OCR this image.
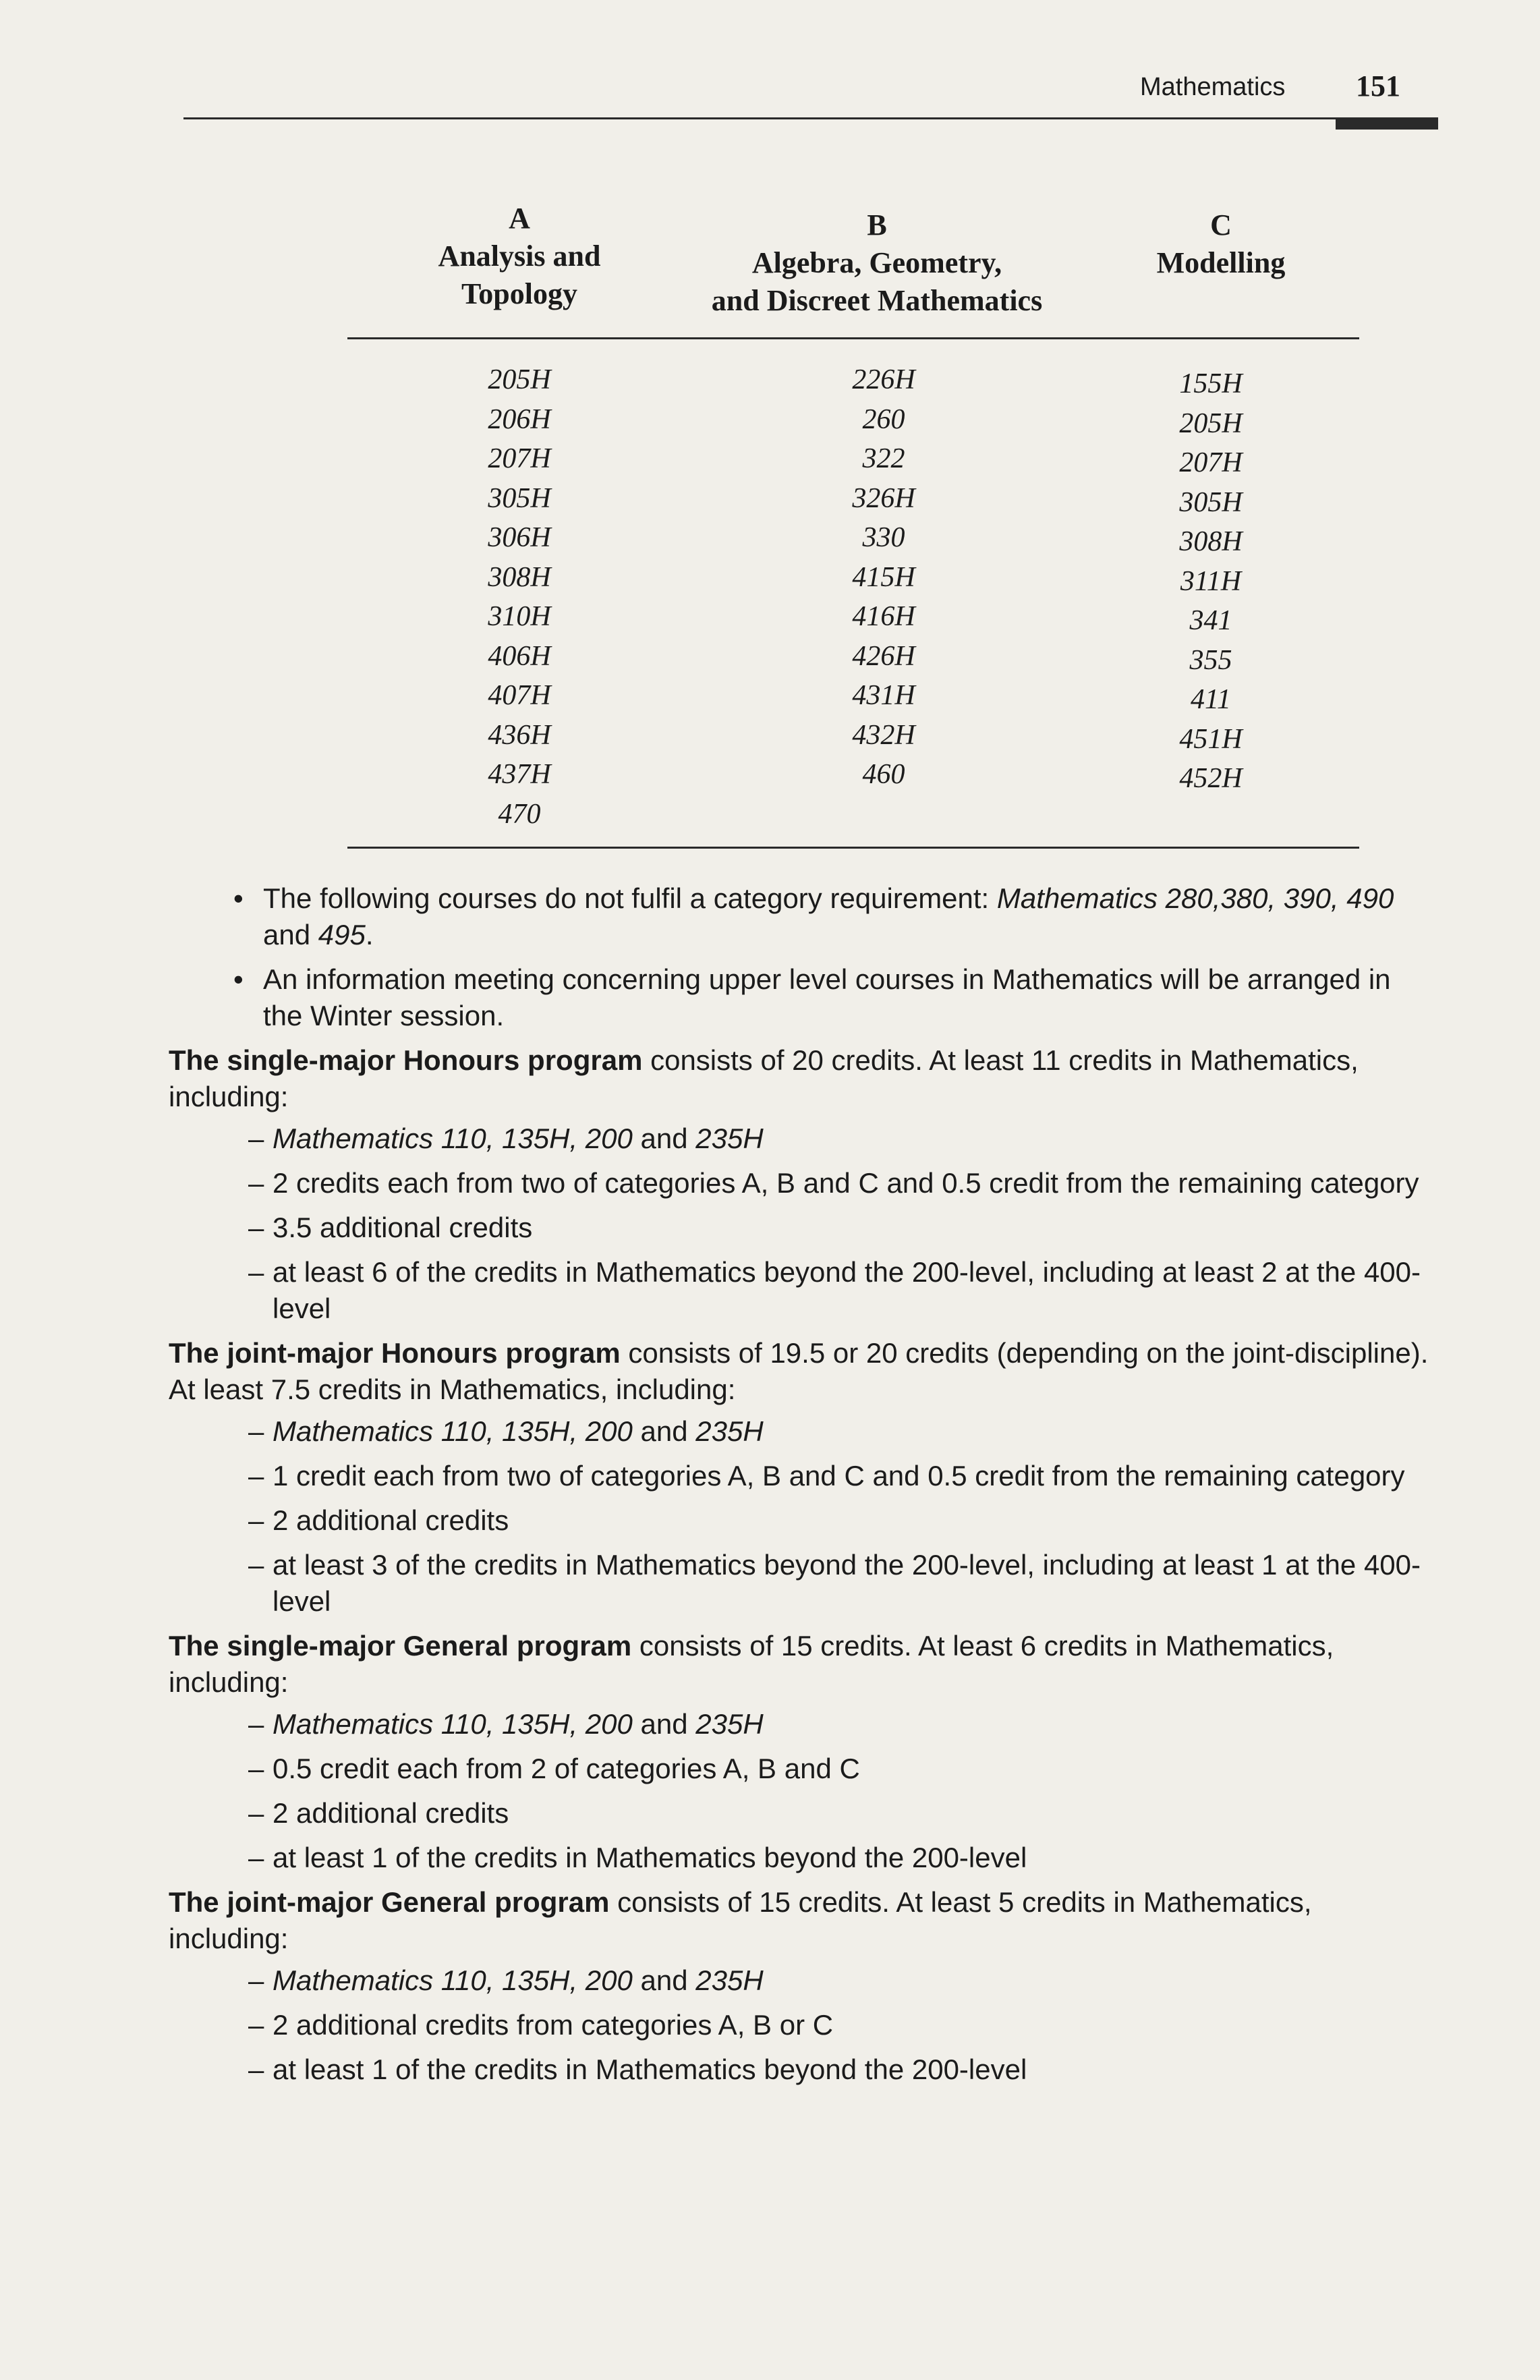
Mathematics 151
A
Analysis and
Topology
B
Algebra, Geometry,
and Discreet Mathematics
C
Modelling
205H
206H
207H
305H
306H
308H
310H
406H
407H
436H
437H
470
226H
260
322
326H
330
415H
416H
426H
431H
432H
460
155H
205H
207H
305H
308H
311H
341
355
411
451H
452H
• The following courses do not fulfil a category requirement: Mathematics 280,380, 390, 490 and 495.
• An information meeting concerning upper level courses in Mathematics will be arranged in the Winter session.
The single-major Honours program consists of 20 credits. At least 11 credits in Mathematics, including:
– Mathematics 110, 135H, 200 and 235H
– 2 credits each from two of categories A, B and C and 0.5 credit from the remaining category
– 3.5 additional credits
– at least 6 of the credits in Mathematics beyond the 200-level, including at least 2 at the 400-level
The joint-major Honours program consists of 19.5 or 20 credits (depending on the joint-discipline). At least 7.5 credits in Mathematics, including:
– Mathematics 110, 135H, 200 and 235H
– 1 credit each from two of categories A, B and C and 0.5 credit from the remaining category
– 2 additional credits
– at least 3 of the credits in Mathematics beyond the 200-level, including at least 1 at the 400-level
The single-major General program consists of 15 credits. At least 6 credits in Mathematics, including:
– Mathematics 110, 135H, 200 and 235H
– 0.5 credit each from 2 of categories A, B and C
– 2 additional credits
– at least 1 of the credits in Mathematics beyond the 200-level
The joint-major General program consists of 15 credits. At least 5 credits in Mathematics, including:
– Mathematics 110, 135H, 200 and 235H
– 2 additional credits from categories A, B or C
– at least 1 of the credits in Mathematics beyond the 200-level
